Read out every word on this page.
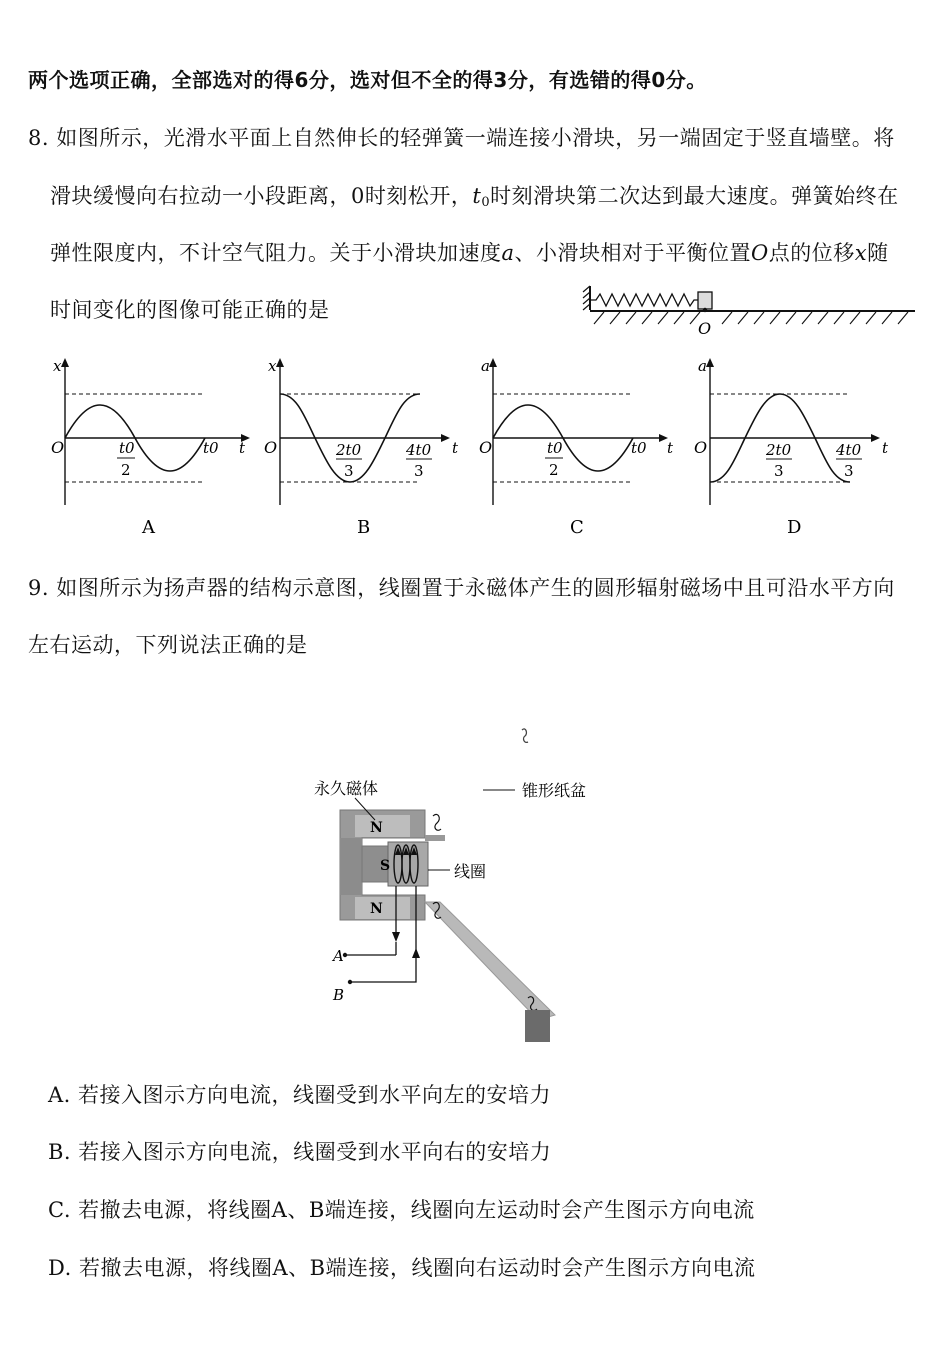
两个选项正确，全部选对的得6分，选对但不全的得3分，有选错的得0分。
8. 如图所示，光滑水平面上自然伸长的轻弹簧一端连接小滑块，另一端固定于竖直墙壁。将
滑块缓慢向右拉动一小段距离，0时刻松开，$t_0$时刻滑块第二次达到最大速度。弹簧始终在
弹性限度内，不计空气阻力。关于小滑块加速度a、小滑块相对于平衡位置O点的位移x随
时间变化的图像可能正确的是
O
x
t
O	t0
2
t0
A
x
t
O	2t0
3
4t0
3
B
a
t
O	t0
2
t0
C
a
t
O	2t0
3
4t0
3
D
9. 如图所示为扬声器的结构示意图，线圈置于永磁体产生的圆形辐射磁场中且可沿水平方向
左右运动，下列说法正确的是
永久磁体	锥形纸盆
线圈
N
S
N
A
B
A. 若接入图示方向电流，线圈受到水平向左的安培力
B. 若接入图示方向电流，线圈受到水平向右的安培力
C. 若撤去电源，将线圈A、B端连接，线圈向左运动时会产生图示方向电流
D. 若撤去电源，将线圈A、B端连接，线圈向右运动时会产生图示方向电流
